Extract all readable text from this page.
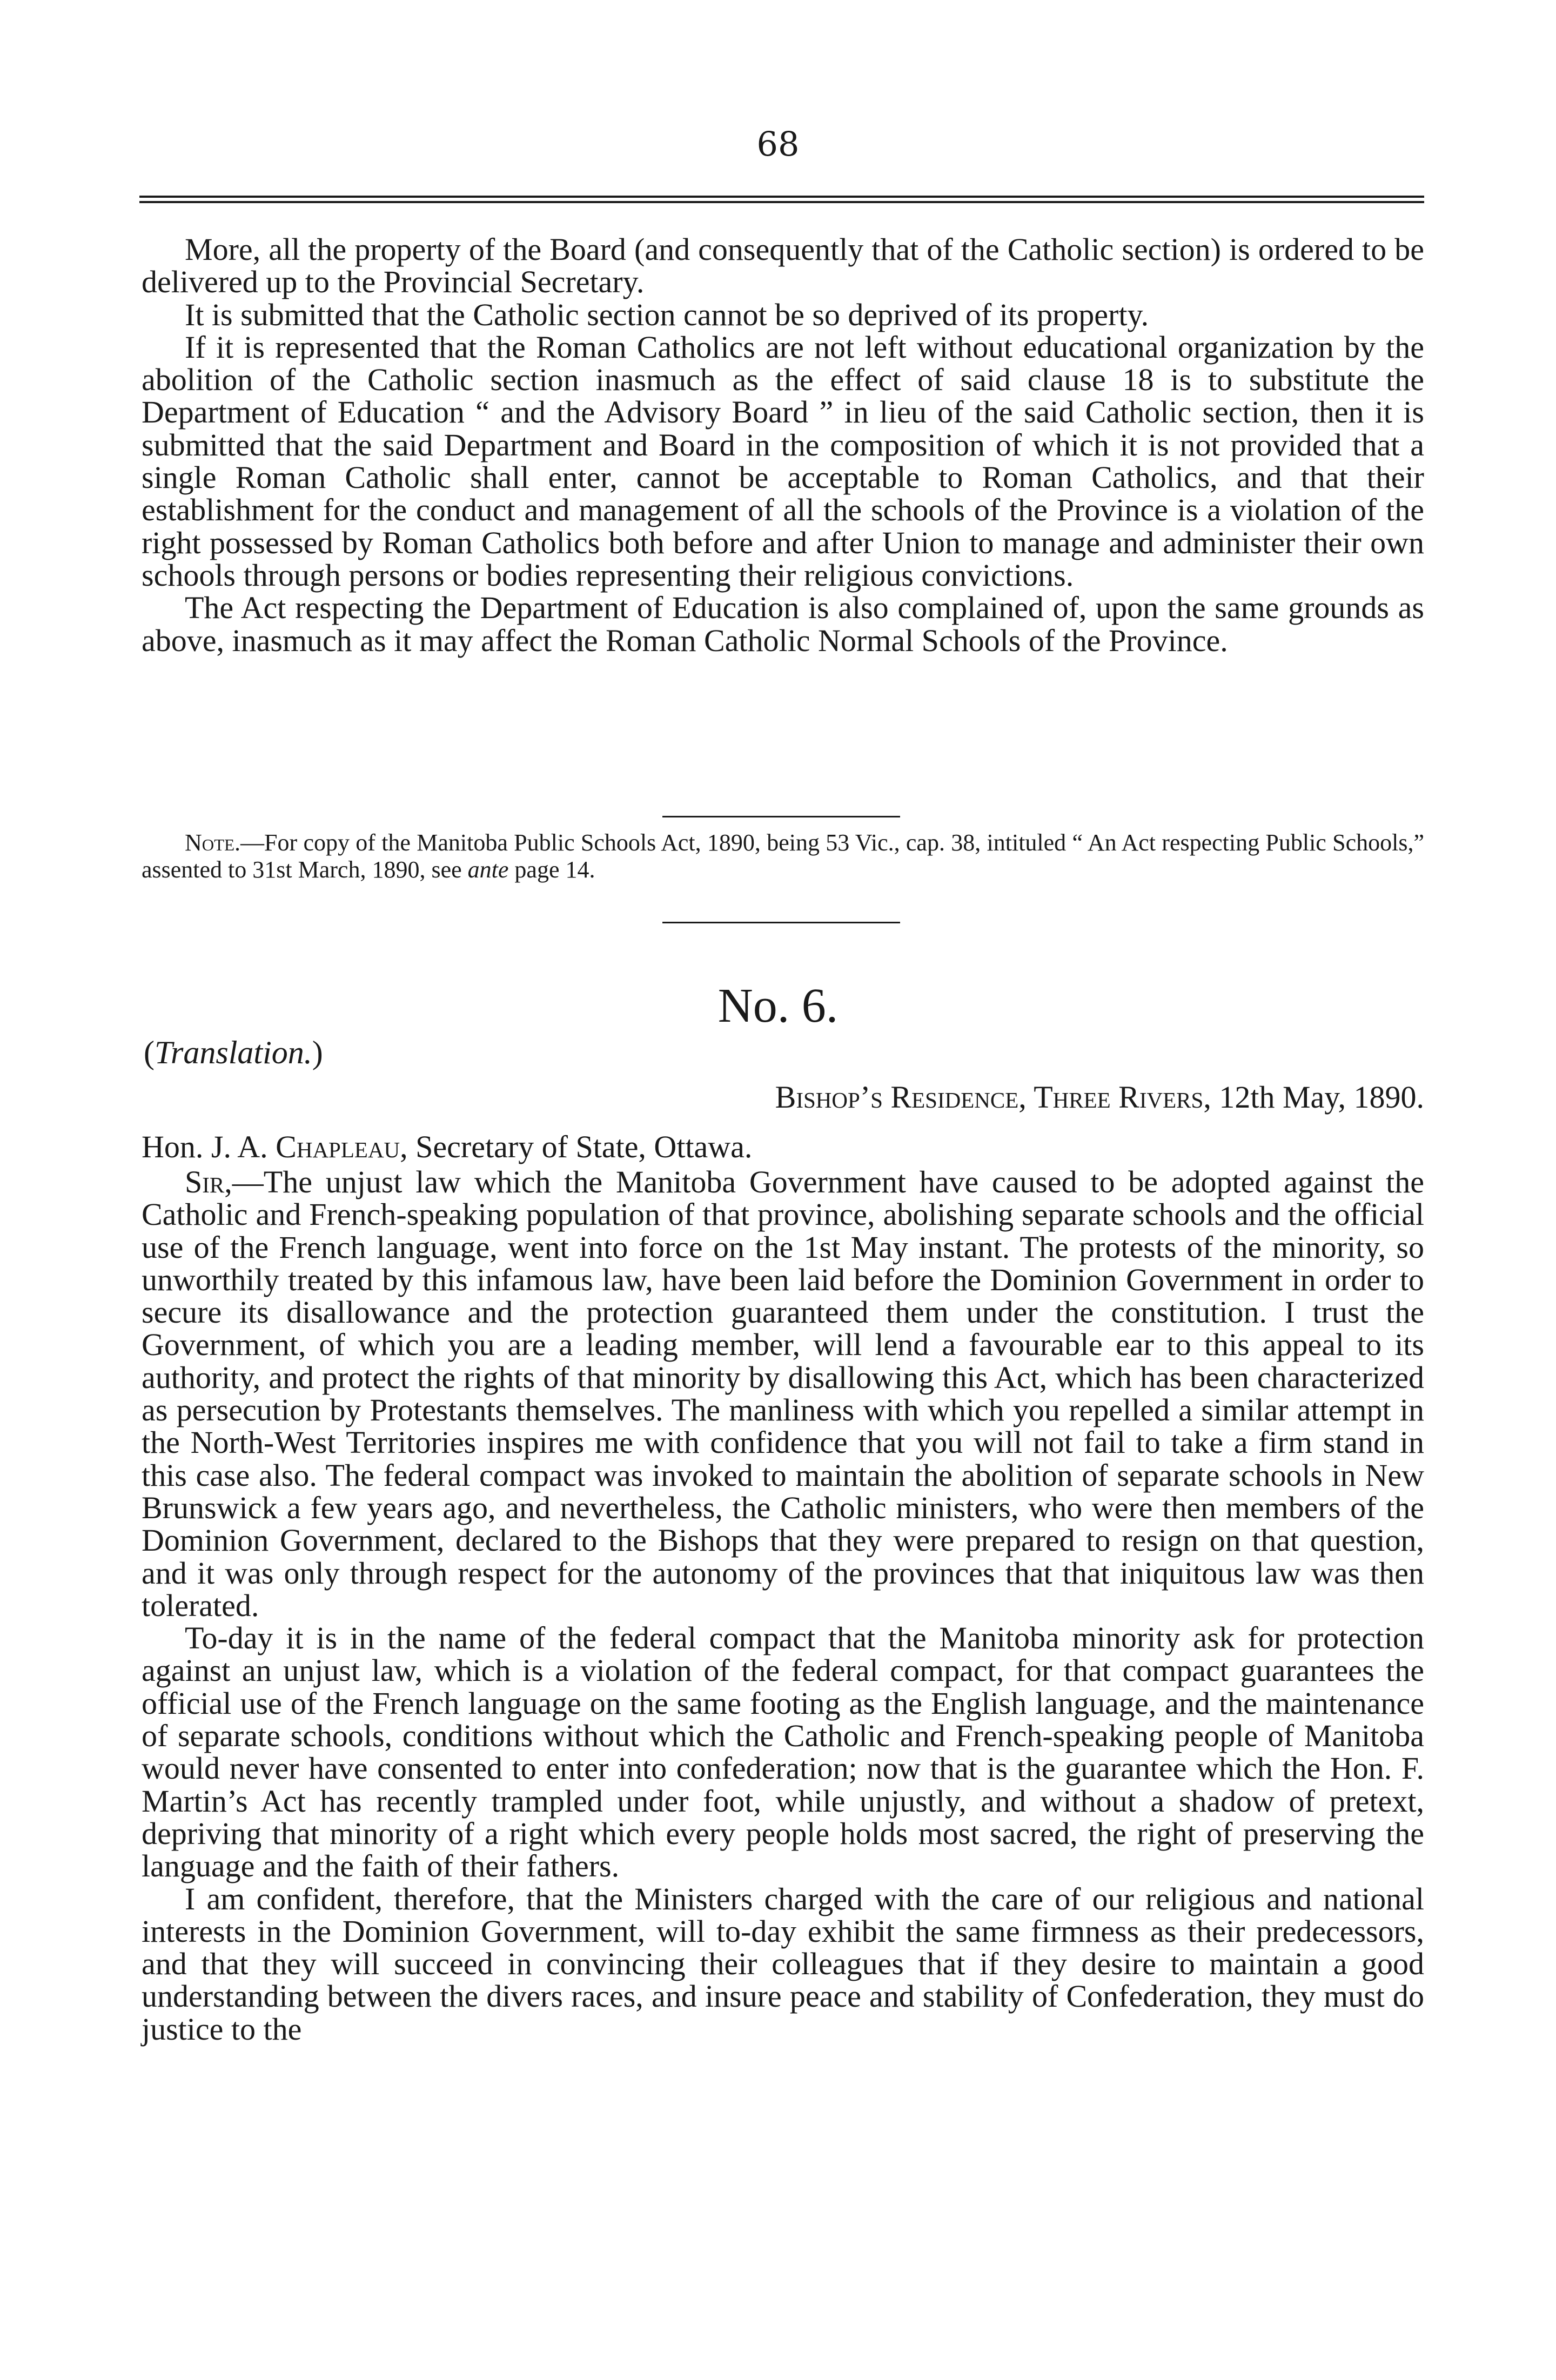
68

More, all the property of the Board (and consequently that of the Catholic section) is ordered to be delivered up to the Provincial Secretary.

It is submitted that the Catholic section cannot be so deprived of its property.

If it is represented that the Roman Catholics are not left without educational organization by the abolition of the Catholic section inasmuch as the effect of said clause 18 is to substitute the Department of Education “ and the Advisory Board ” in lieu of the said Catholic section, then it is submitted that the said Department and Board in the composition of which it is not provided that a single Roman Catholic shall enter, cannot be acceptable to Roman Catholics, and that their establishment for the conduct and management of all the schools of the Province is a violation of the right possessed by Roman Catholics both before and after Union to manage and administer their own schools through persons or bodies representing their religious convictions.

The Act respecting the Department of Education is also complained of, upon the same grounds as above, inasmuch as it may affect the Roman Catholic Normal Schools of the Province.

Note.—For copy of the Manitoba Public Schools Act, 1890, being 53 Vic., cap. 38, intituled “ An Act respecting Public Schools,” assented to 31st March, 1890, see ante page 14.
No. 6.
(Translation.)
Bishop’s Residence, Three Rivers, 12th May, 1890.
Hon. J. A. Chapleau, Secretary of State, Ottawa.

Sir,—The unjust law which the Manitoba Government have caused to be adopted against the Catholic and French-speaking population of that province, abolishing separate schools and the official use of the French language, went into force on the 1st May instant. The protests of the minority, so unworthily treated by this infamous law, have been laid before the Dominion Government in order to secure its disallowance and the protection guaranteed them under the constitution. I trust the Government, of which you are a leading member, will lend a favourable ear to this appeal to its authority, and protect the rights of that minority by disallowing this Act, which has been characterized as persecution by Protestants themselves. The manliness with which you repelled a similar attempt in the North-West Territories inspires me with confidence that you will not fail to take a firm stand in this case also. The federal compact was invoked to maintain the abolition of separate schools in New Brunswick a few years ago, and nevertheless, the Catholic ministers, who were then members of the Dominion Government, declared to the Bishops that they were prepared to resign on that question, and it was only through respect for the autonomy of the provinces that that iniquitous law was then tolerated.

To-day it is in the name of the federal compact that the Manitoba minority ask for protection against an unjust law, which is a violation of the federal compact, for that compact guarantees the official use of the French language on the same footing as the English language, and the maintenance of separate schools, conditions without which the Catholic and French-speaking people of Manitoba would never have consented to enter into confederation; now that is the guarantee which the Hon. F. Martin’s Act has recently trampled under foot, while unjustly, and without a shadow of pretext, depriving that minority of a right which every people holds most sacred, the right of preserving the language and the faith of their fathers.

I am confident, therefore, that the Ministers charged with the care of our religious and national interests in the Dominion Government, will to-day exhibit the same firmness as their predecessors, and that they will succeed in convincing their colleagues that if they desire to maintain a good understanding between the divers races, and insure peace and stability of Confederation, they must do justice to the
